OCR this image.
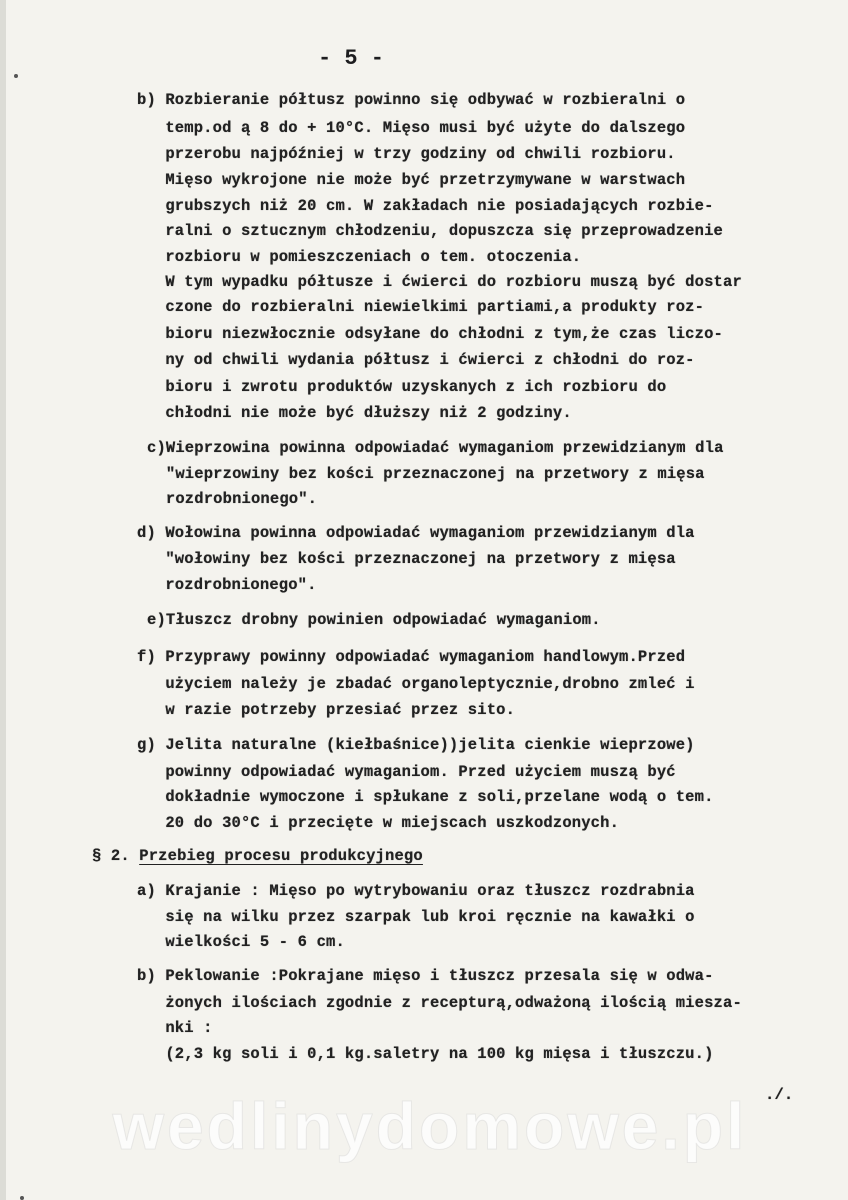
- 5 -
b) Rozbieranie półtusz powinno się odbywać w rozbieralni o
temp.od ą 8 do + 10°C. Mięso musi być użyte do dalszego
przerobu najpóźniej w trzy godziny od chwili rozbioru.
Mięso wykrojone nie może być przetrzymywane w warstwach
grubszych niż 20 cm. W zakładach nie posiadających rozbie-
ralni o sztucznym chłodzeniu, dopuszcza się przeprowadzenie
rozbioru w pomieszczeniach o tem. otoczenia.
W tym wypadku półtusze i ćwierci do rozbioru muszą być dostar
czone do rozbieralni niewielkimi partiami,a produkty roz-
bioru niezwłocznie odsyłane do chłodni z tym,że czas liczo-
ny od chwili wydania półtusz i ćwierci z chłodni do roz-
bioru i zwrotu produktów uzyskanych z ich rozbioru do
chłodni nie może być dłuższy niż 2 godziny.
c)Wieprzowina powinna odpowiadać wymaganiom przewidzianym dla
"wieprzowiny bez kości przeznaczonej na przetwory z mięsa
rozdrobnionego".
d) Wołowina powinna odpowiadać wymaganiom przewidzianym dla
"wołowiny bez kości przeznaczonej na przetwory z mięsa
rozdrobnionego".
e)Tłuszcz drobny powinien odpowiadać wymaganiom.
f) Przyprawy powinny odpowiadać wymaganiom handlowym.Przed
użyciem należy je zbadać organoleptycznie,drobno zmleć i
w razie potrzeby przesiać przez sito.
g) Jelita naturalne (kiełbaśnice))jelita cienkie wieprzowe)
powinny odpowiadać wymaganiom. Przed użyciem muszą być
dokładnie wymoczone i spłukane z soli,przelane wodą o tem.
20 do 30°C i przecięte w miejscach uszkodzonych.
§ 2. Przebieg procesu produkcyjnego
a) Krajanie : Mięso po wytrybowaniu oraz tłuszcz rozdrabnia
się na wilku przez szarpak lub kroi ręcznie na kawałki o
wielkości 5 - 6 cm.
b) Peklowanie :Pokrajane mięso i tłuszcz przesala się w odwa-
żonych ilościach zgodnie z recepturą,odważoną ilością miesza-
nki :
(2,3 kg soli i 0,1 kg.saletry na 100 kg mięsa i tłuszczu.)
./.
wedlinydomowe.pl
